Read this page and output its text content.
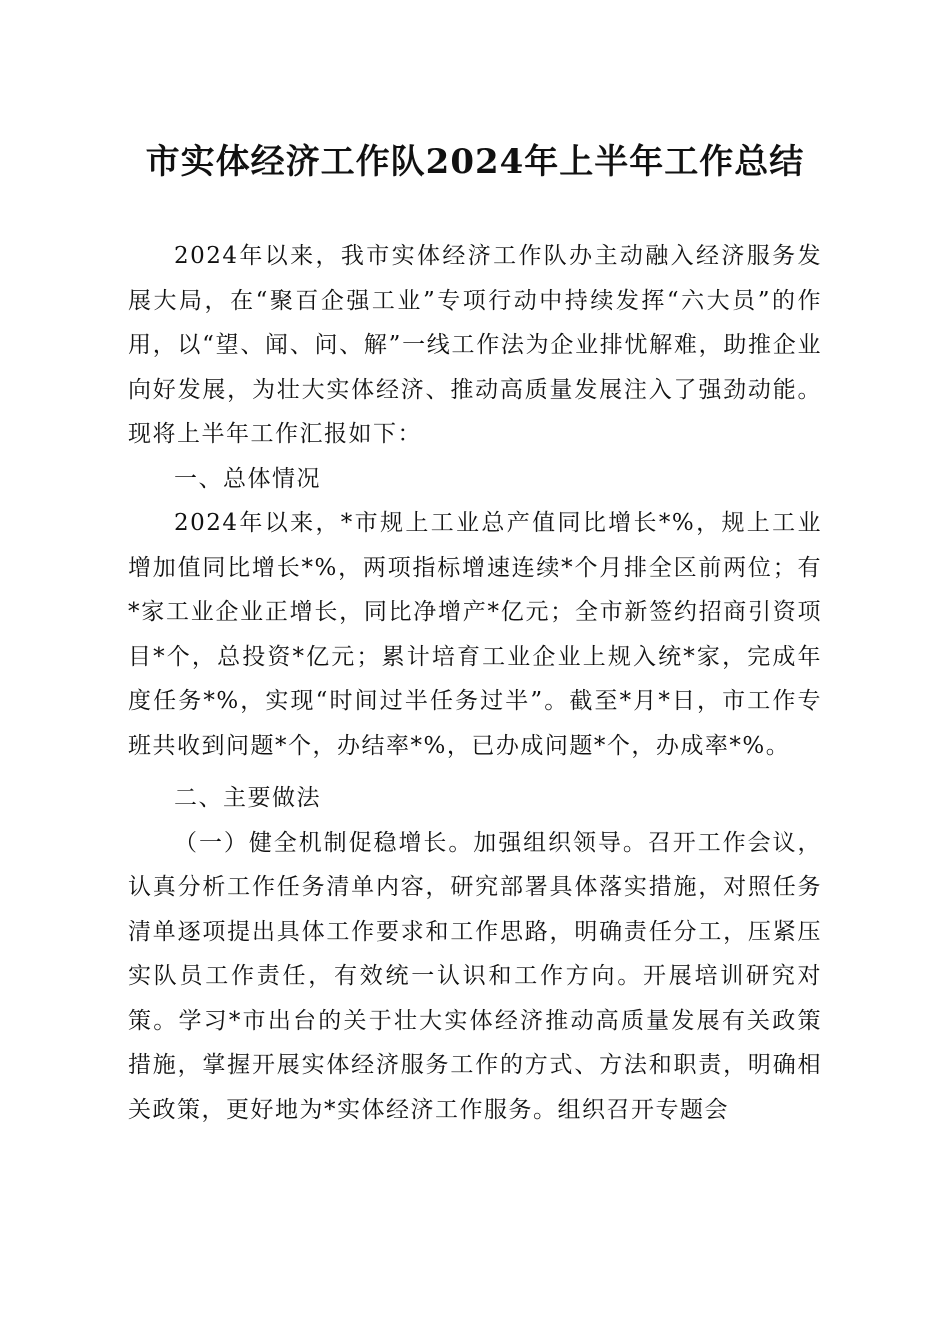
市实体经济工作队2024年上半年工作总结

2024年以来，我市实体经济工作队办主动融入经济服务发展大局，在“聚百企强工业”专项行动中持续发挥“六大员”的作用，以“望、闻、问、解”一线工作法为企业排忧解难，助推企业向好发展，为壮大实体经济、推动高质量发展注入了强劲动能。现将上半年工作汇报如下：

一、总体情况

2024年以来，*市规上工业总产值同比增长*%，规上工业增加值同比增长*%，两项指标增速连续*个月排全区前两位；有*家工业企业正增长，同比净增产*亿元；全市新签约招商引资项目*个，总投资*亿元；累计培育工业企业上规入统*家，完成年度任务*%，实现“时间过半任务过半”。截至*月*日，市工作专班共收到问题*个，办结率*%，已办成问题*个，办成率*%。

二、主要做法

（一）健全机制促稳增长。加强组织领导。召开工作会议，认真分析工作任务清单内容，研究部署具体落实措施，对照任务清单逐项提出具体工作要求和工作思路，明确责任分工，压紧压实队员工作责任，有效统一认识和工作方向。开展培训研究对策。学习*市出台的关于壮大实体经济推动高质量发展有关政策措施，掌握开展实体经济服务工作的方式、方法和职责，明确相关政策，更好地为*实体经济工作服务。组织召开专题会
